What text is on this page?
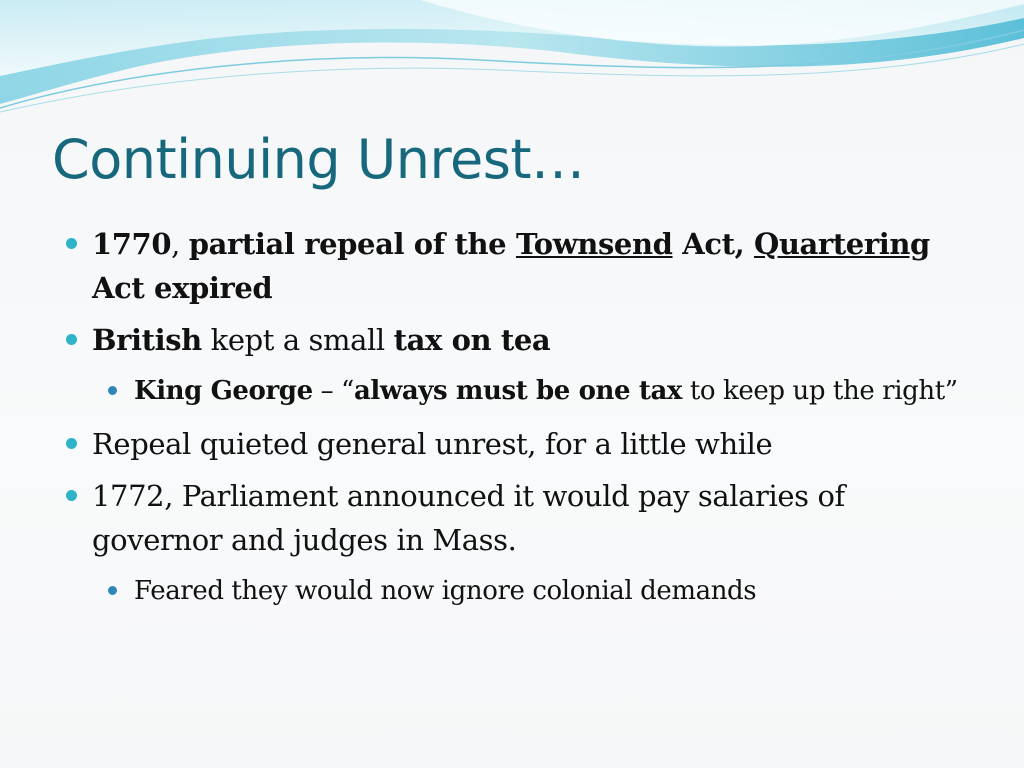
Continuing Unrest…
1770, partial repeal of the Townsend Act, Quartering Act expired
British kept a small tax on tea
King George – “always must be one tax to keep up the right”
Repeal quieted general unrest, for a little while
1772, Parliament announced it would pay salaries of governor and judges in Mass.
Feared they would now ignore colonial demands
